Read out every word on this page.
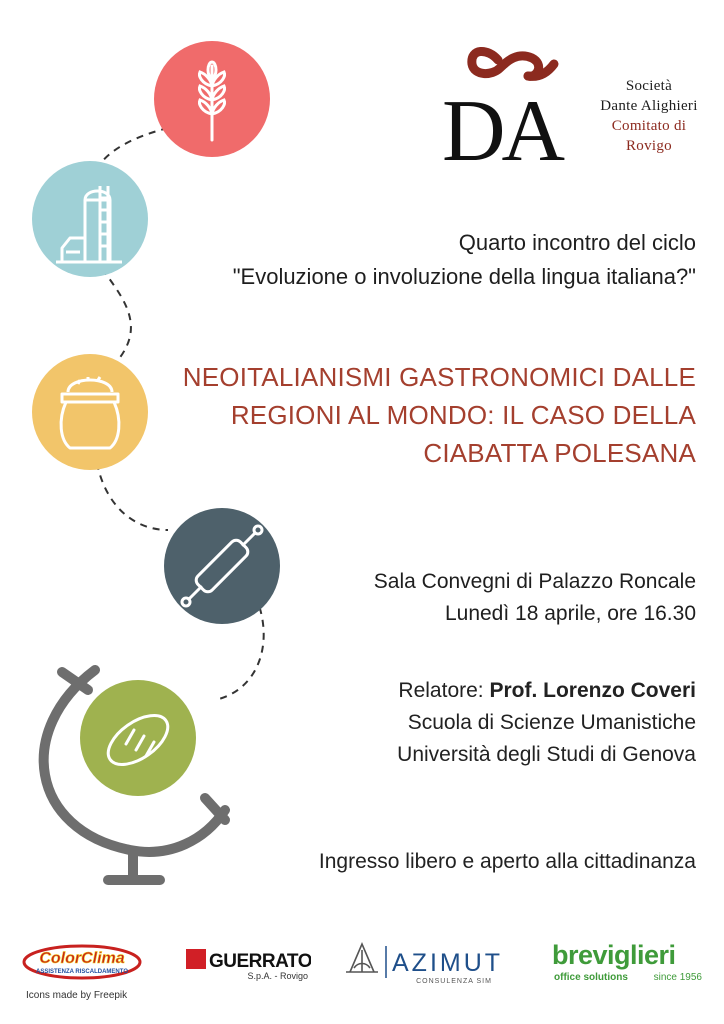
DA	Società
Dante Alighieri
Comitato di
Rovigo
Quarto incontro del ciclo
"Evoluzione o involuzione della lingua italiana?"
NEOITALIANISMI GASTRONOMICI DALLE
REGIONI AL MONDO: IL CASO DELLA
CIABATTA POLESANA
Sala Convegni di Palazzo Roncale
Lunedì 18 aprile, ore 16.30
Relatore: Prof. Lorenzo Coveri
Scuola di Scienze Umanistiche
Università degli Studi di Genova
Ingresso libero e aperto alla cittadinanza
ColorClima
ASSISTENZA RISCALDAMENTO	GUERRATO
S.p.A. - Rovigo	AZIMUT
CONSULENZA SIM
breviglieri
office solutions	since 1956
Icons made by Freepik
